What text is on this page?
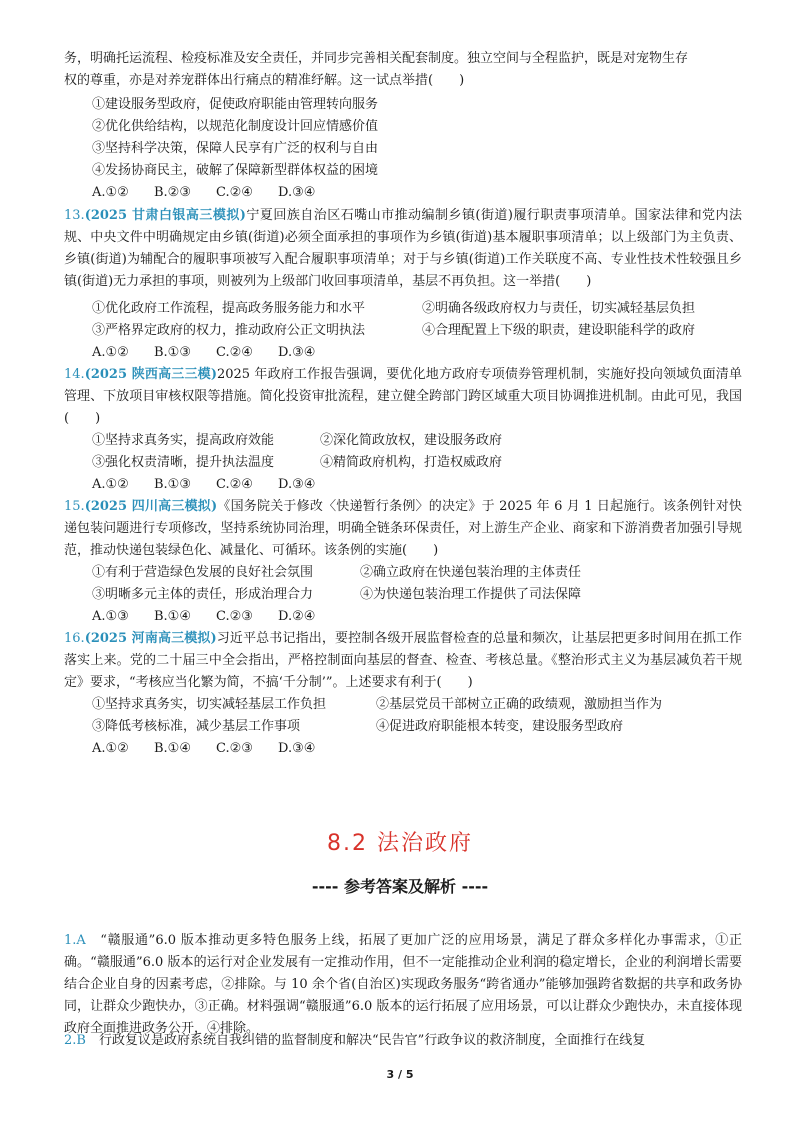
务，明确托运流程、检疫标准及安全责任，并同步完善相关配套制度。独立空间与全程监护，既是对宠物生存
权的尊重，亦是对养宠群体出行痛点的精准纾解。这一试点举措(　　)
①建设服务型政府，促使政府职能由管理转向服务
②优化供给结构，以规范化制度设计回应情感价值
③坚持科学决策，保障人民享有广泛的权利与自由
④发扬协商民主，破解了保障新型群体权益的困境
A.①② B.②③ C.②④ D.③④
13.(2025 甘肃白银高三模拟)宁夏回族自治区石嘴山市推动编制乡镇(街道)履行职责事项清单。国家法律和党内法规、中央文件中明确规定由乡镇(街道)必须全面承担的事项作为乡镇(街道)基本履职事项清单；以上级部门为主负责、乡镇(街道)为辅配合的履职事项被写入配合履职事项清单；对于与乡镇(街道)工作关联度不高、专业性技术性较强且乡镇(街道)无力承担的事项，则被列为上级部门收回事项清单，基层不再负担。这一举措(　　)
①优化政府工作流程，提高政务服务能力和水平	②明确各级政府权力与责任，切实减轻基层负担
③严格界定政府的权力，推动政府公正文明执法	④合理配置上下级的职责，建设职能科学的政府
A.①② B.①③ C.②④ D.③④
14.(2025 陕西高三三模)2025 年政府工作报告强调，要优化地方政府专项债券管理机制，实施好投向领域负面清单管理、下放项目审核权限等措施。简化投资审批流程，建立健全跨部门跨区域重大项目协调推进机制。由此可见，我国(　　)
①坚持求真务实，提高政府效能	②深化简政放权，建设服务政府
③强化权责清晰，提升执法温度	④精简政府机构，打造权威政府
A.①② B.①③ C.②④ D.③④
15.(2025 四川高三模拟)《国务院关于修改〈快递暂行条例〉的决定》于 2025 年 6 月 1 日起施行。该条例针对快递包装问题进行专项修改，坚持系统协同治理，明确全链条环保责任，对上游生产企业、商家和下游消费者加强引导规范，推动快递包装绿色化、减量化、可循环。该条例的实施(　　)
①有利于营造绿色发展的良好社会氛围	②确立政府在快递包装治理的主体责任
③明晰多元主体的责任，形成治理合力	④为快递包装治理工作提供了司法保障
A.①③ B.①④ C.②③ D.②④
16.(2025 河南高三模拟)习近平总书记指出，要控制各级开展监督检查的总量和频次，让基层把更多时间用在抓工作落实上来。党的二十届三中全会指出，严格控制面向基层的督查、检查、考核总量。《整治形式主义为基层减负若干规定》要求，“考核应当化繁为简，不搞‘千分制’”。上述要求有利于(　　)
①坚持求真务实，切实减轻基层工作负担	②基层党员干部树立正确的政绩观，激励担当作为
③降低考核标准，减少基层工作事项	④促进政府职能根本转变，建设服务型政府
A.①② B.①④ C.②③ D.③④
8.2 法治政府
---- 参考答案及解析 ----
1.A　 “赣服通”6.0 版本推动更多特色服务上线，拓展了更加广泛的应用场景，满足了群众多样化办事需求，①正确。“赣服通”6.0 版本的运行对企业发展有一定推动作用，但不一定能推动企业利润的稳定增长，企业的利润增长需要结合企业自身的因素考虑，②排除。与 10 余个省(自治区)实现政务服务“跨省通办”能够加强跨省数据的共享和政务协同，让群众少跑快办，③正确。材料强调“赣服通”6.0 版本的运行拓展了应用场景，可以让群众少跑快办，未直接体现政府全面推进政务公开，④排除。
2.B　 行政复议是政府系统自我纠错的监督制度和解决“民告官”行政争议的救济制度，全面推行在线复
3 / 5
